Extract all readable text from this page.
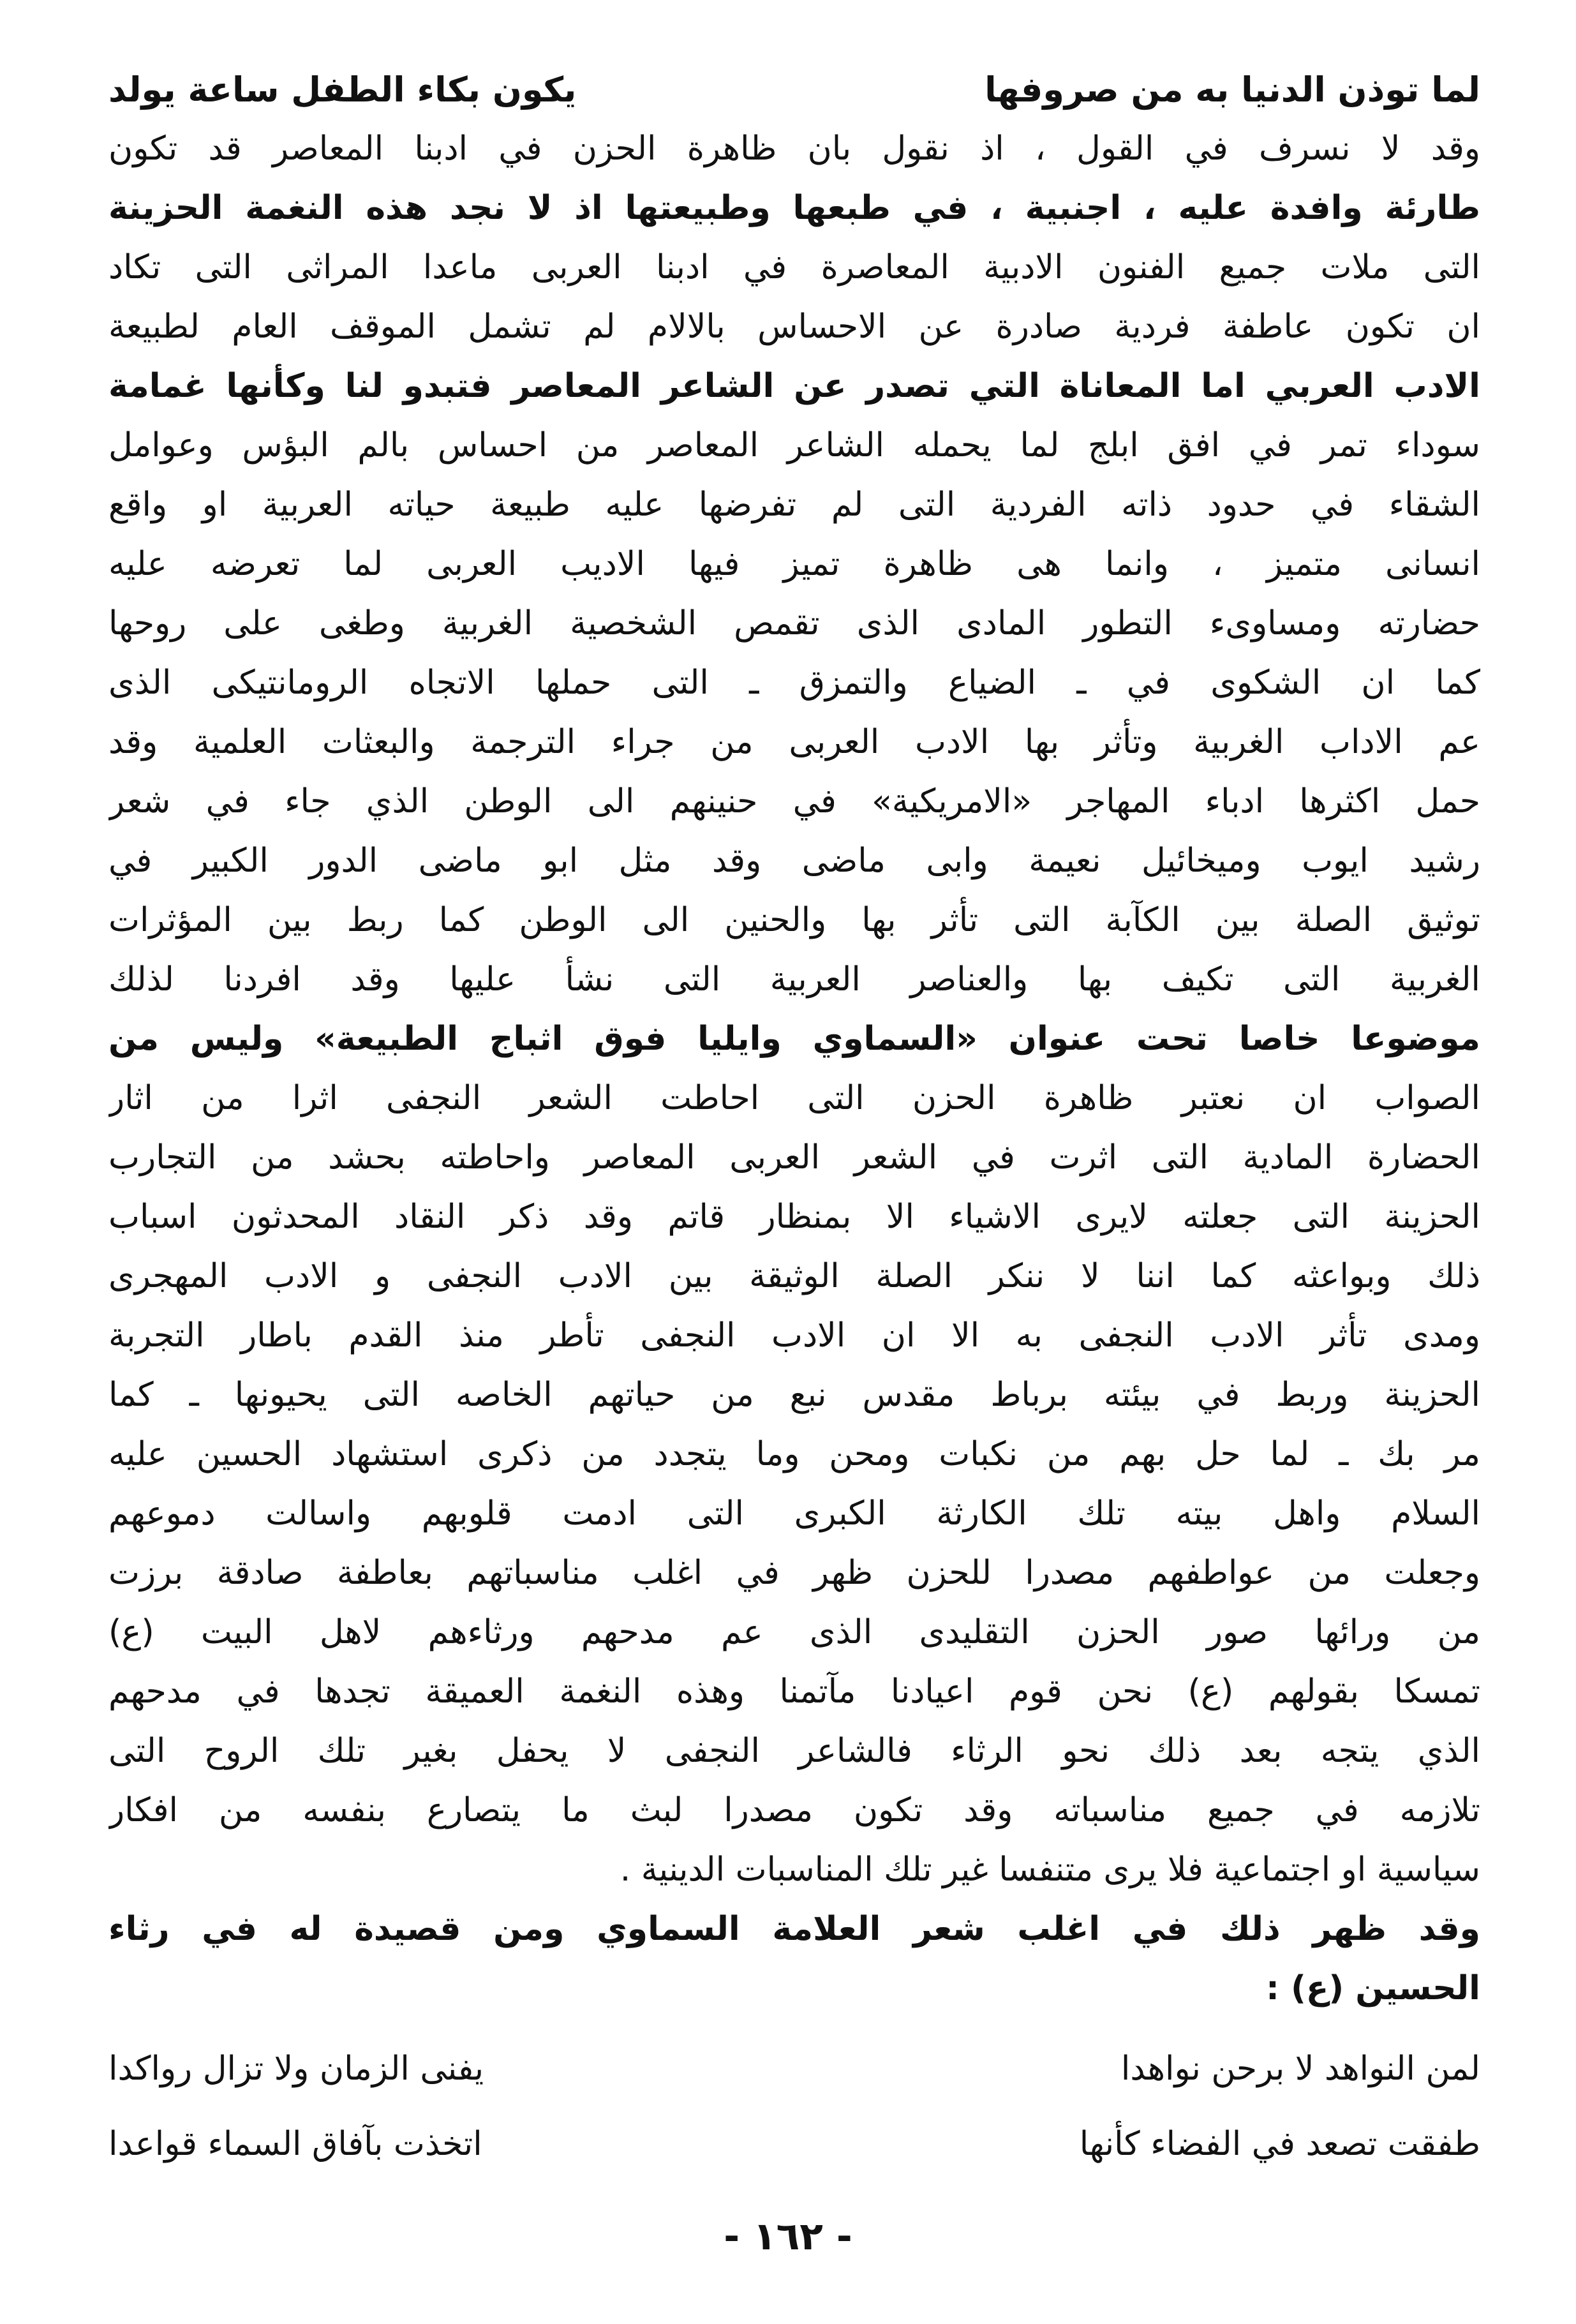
لما توذن الدنيا به من صروفها
يكون بكاء الطفل ساعة يولد
وقد لا نسرف في القول ، اذ نقول بان ظاهرة الحزن في ادبنا المعاصر قد تكون
طارئة وافدة عليه ، اجنبية ، في طبعها وطبيعتها اذ لا نجد هذه النغمة الحزينة
التى ملات جميع الفنون الادبية المعاصرة في ادبنا العربى ماعدا المراثى التى تكاد
ان تكون عاطفة فردية صادرة عن الاحساس بالالام لم تشمل الموقف العام لطبيعة
الادب العربي اما المعاناة التي تصدر عن الشاعر المعاصر فتبدو لنا وكأنها غمامة
سوداء تمر في افق ابلج لما يحمله الشاعر المعاصر من احساس بالم البؤس وعوامل
الشقاء في حدود ذاته الفردية التى لم تفرضها عليه طبيعة حياته العربية او واقع
انسانى متميز ، وانما هى ظاهرة تميز فيها الاديب العربى لما تعرضه عليه
حضارته ومساوىء التطور المادى الذى تقمص الشخصية الغربية وطغى على روحها
كما ان الشكوى في ـ الضياع والتمزق ـ التى حملها الاتجاه الرومانتيكى الذى
عم الاداب الغربية وتأثر بها الادب العربى من جراء الترجمة والبعثات العلمية وقد
حمل اكثرها ادباء المهاجر «الامريكية» في حنينهم الى الوطن الذي جاء في شعر
رشيد ايوب وميخائيل نعيمة وابى ماضى وقد مثل ابو ماضى الدور الكبير في
توثيق الصلة بين الكآبة التى تأثر بها والحنين الى الوطن كما ربط بين المؤثرات
الغربية التى تكيف بها والعناصر العربية التى نشأ عليها وقد افردنا لذلك
موضوعا خاصا تحت عنوان «السماوي وايليا فوق اثباج الطبيعة» وليس من
الصواب ان نعتبر ظاهرة الحزن التى احاطت الشعر النجفى اثرا من اثار
الحضارة المادية التى اثرت في الشعر العربى المعاصر واحاطته بحشد من التجارب
الحزينة التى جعلته لايرى الاشياء الا بمنظار قاتم وقد ذكر النقاد المحدثون اسباب
ذلك وبواعثه كما اننا لا ننكر الصلة الوثيقة بين الادب النجفى و الادب المهجرى
ومدى تأثر الادب النجفى به الا ان الادب النجفى تأطر منذ القدم باطار التجربة
الحزينة وربط في بيئته برباط مقدس نبع من حياتهم الخاصه التى يحيونها ـ كما
مر بك ـ لما حل بهم من نكبات ومحن وما يتجدد من ذكرى استشهاد الحسين عليه
السلام واهل بيته تلك الكارثة الكبرى التى ادمت قلوبهم واسالت دموعهم
وجعلت من عواطفهم مصدرا للحزن ظهر في اغلب مناسباتهم بعاطفة صادقة برزت
من ورائها صور الحزن التقليدى الذى عم مدحهم ورثاءهم لاهل البيت (ع)
تمسكا بقولهم (ع) نحن قوم اعيادنا مآتمنا وهذه النغمة العميقة تجدها في مدحهم
الذي يتجه بعد ذلك نحو الرثاء فالشاعر النجفى لا يحفل بغير تلك الروح التى
تلازمه في جميع مناسباته وقد تكون مصدرا لبث ما يتصارع بنفسه من افكار
سياسية او اجتماعية فلا يرى متنفسا غير تلك المناسبات الدينية .
وقد ظهر ذلك في اغلب شعر العلامة السماوي ومن قصيدة له في رثاء
الحسين (ع) :
لمن النواهد لا برحن نواهدا
يفنى الزمان ولا تزال رواكدا
طفقت تصعد في الفضاء كأنها
اتخذت بآفاق السماء قواعدا
- ١٦٢ -
